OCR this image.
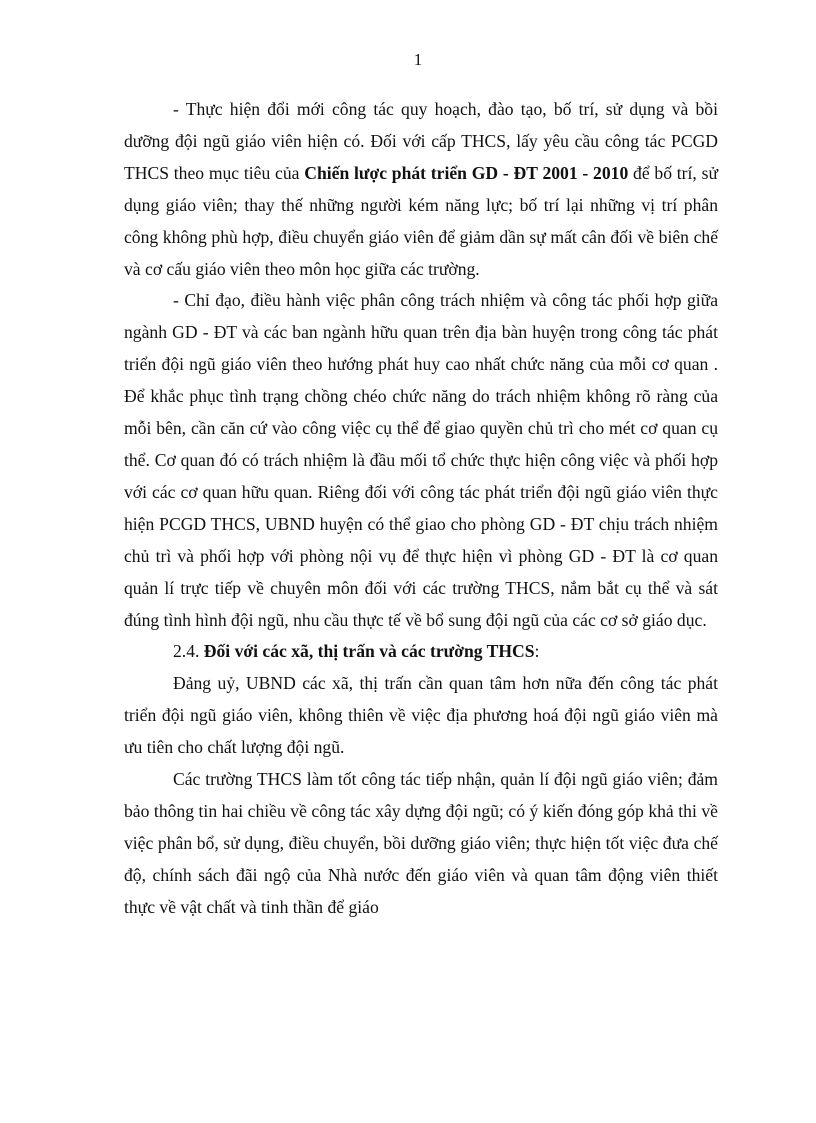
1

- Thực hiện đổi mới công tác quy hoạch, đào tạo, bố trí, sử dụng và bồi dưỡng đội ngũ giáo viên hiện có. Đối với cấp THCS, lấy yêu cầu công tác PCGD THCS theo mục tiêu của Chiến lược phát triển GD - ĐT 2001 - 2010 để bố trí, sử dụng giáo viên; thay thế những người kém năng lực; bố trí lại những vị trí phân công không phù hợp, điều chuyển giáo viên để giảm dần sự mất cân đối về biên chế và cơ cấu giáo viên theo môn học giữa các trường.

- Chỉ đạo, điều hành việc phân công trách nhiệm và công tác phối hợp giữa ngành GD - ĐT và các ban ngành hữu quan trên địa bàn huyện trong công tác phát triển đội ngũ giáo viên theo hướng phát huy cao nhất chức năng của mỗi cơ quan . Để khắc phục tình trạng chồng chéo chức năng do trách nhiệm không rõ ràng của mỗi bên, cần căn cứ vào công việc cụ thể để giao quyền chủ trì cho mét cơ quan cụ thể. Cơ quan đó có trách nhiệm là đầu mối tổ chức thực hiện công việc và phối hợp với các cơ quan hữu quan. Riêng đối với công tác phát triển đội ngũ giáo viên thực hiện PCGD THCS, UBND huyện có thể giao cho phòng GD - ĐT chịu trách nhiệm chủ trì và phối hợp với phòng nội vụ để thực hiện vì phòng GD - ĐT là cơ quan quản lí trực tiếp về chuyên môn đối với các trường THCS, nắm bắt cụ thể và sát đúng tình hình đội ngũ, nhu cầu thực tế về bổ sung đội ngũ của các cơ sở giáo dục.

2.4. Đối với các xã, thị trấn và các trường THCS:

Đảng uỷ, UBND các xã, thị trấn cần quan tâm hơn nữa đến công tác phát triển đội ngũ giáo viên, không thiên về việc địa phương hoá đội ngũ giáo viên mà ưu tiên cho chất lượng đội ngũ.

Các trường THCS làm tốt công tác tiếp nhận, quản lí đội ngũ giáo viên; đảm bảo thông tin hai chiều về công tác xây dựng đội ngũ; có ý kiến đóng góp khả thi về việc phân bổ, sử dụng, điều chuyển, bồi dưỡng giáo viên; thực hiện tốt việc đưa chế độ, chính sách đãi ngộ của Nhà nước đến giáo viên và quan tâm động viên thiết thực về vật chất và tinh thần để giáo
